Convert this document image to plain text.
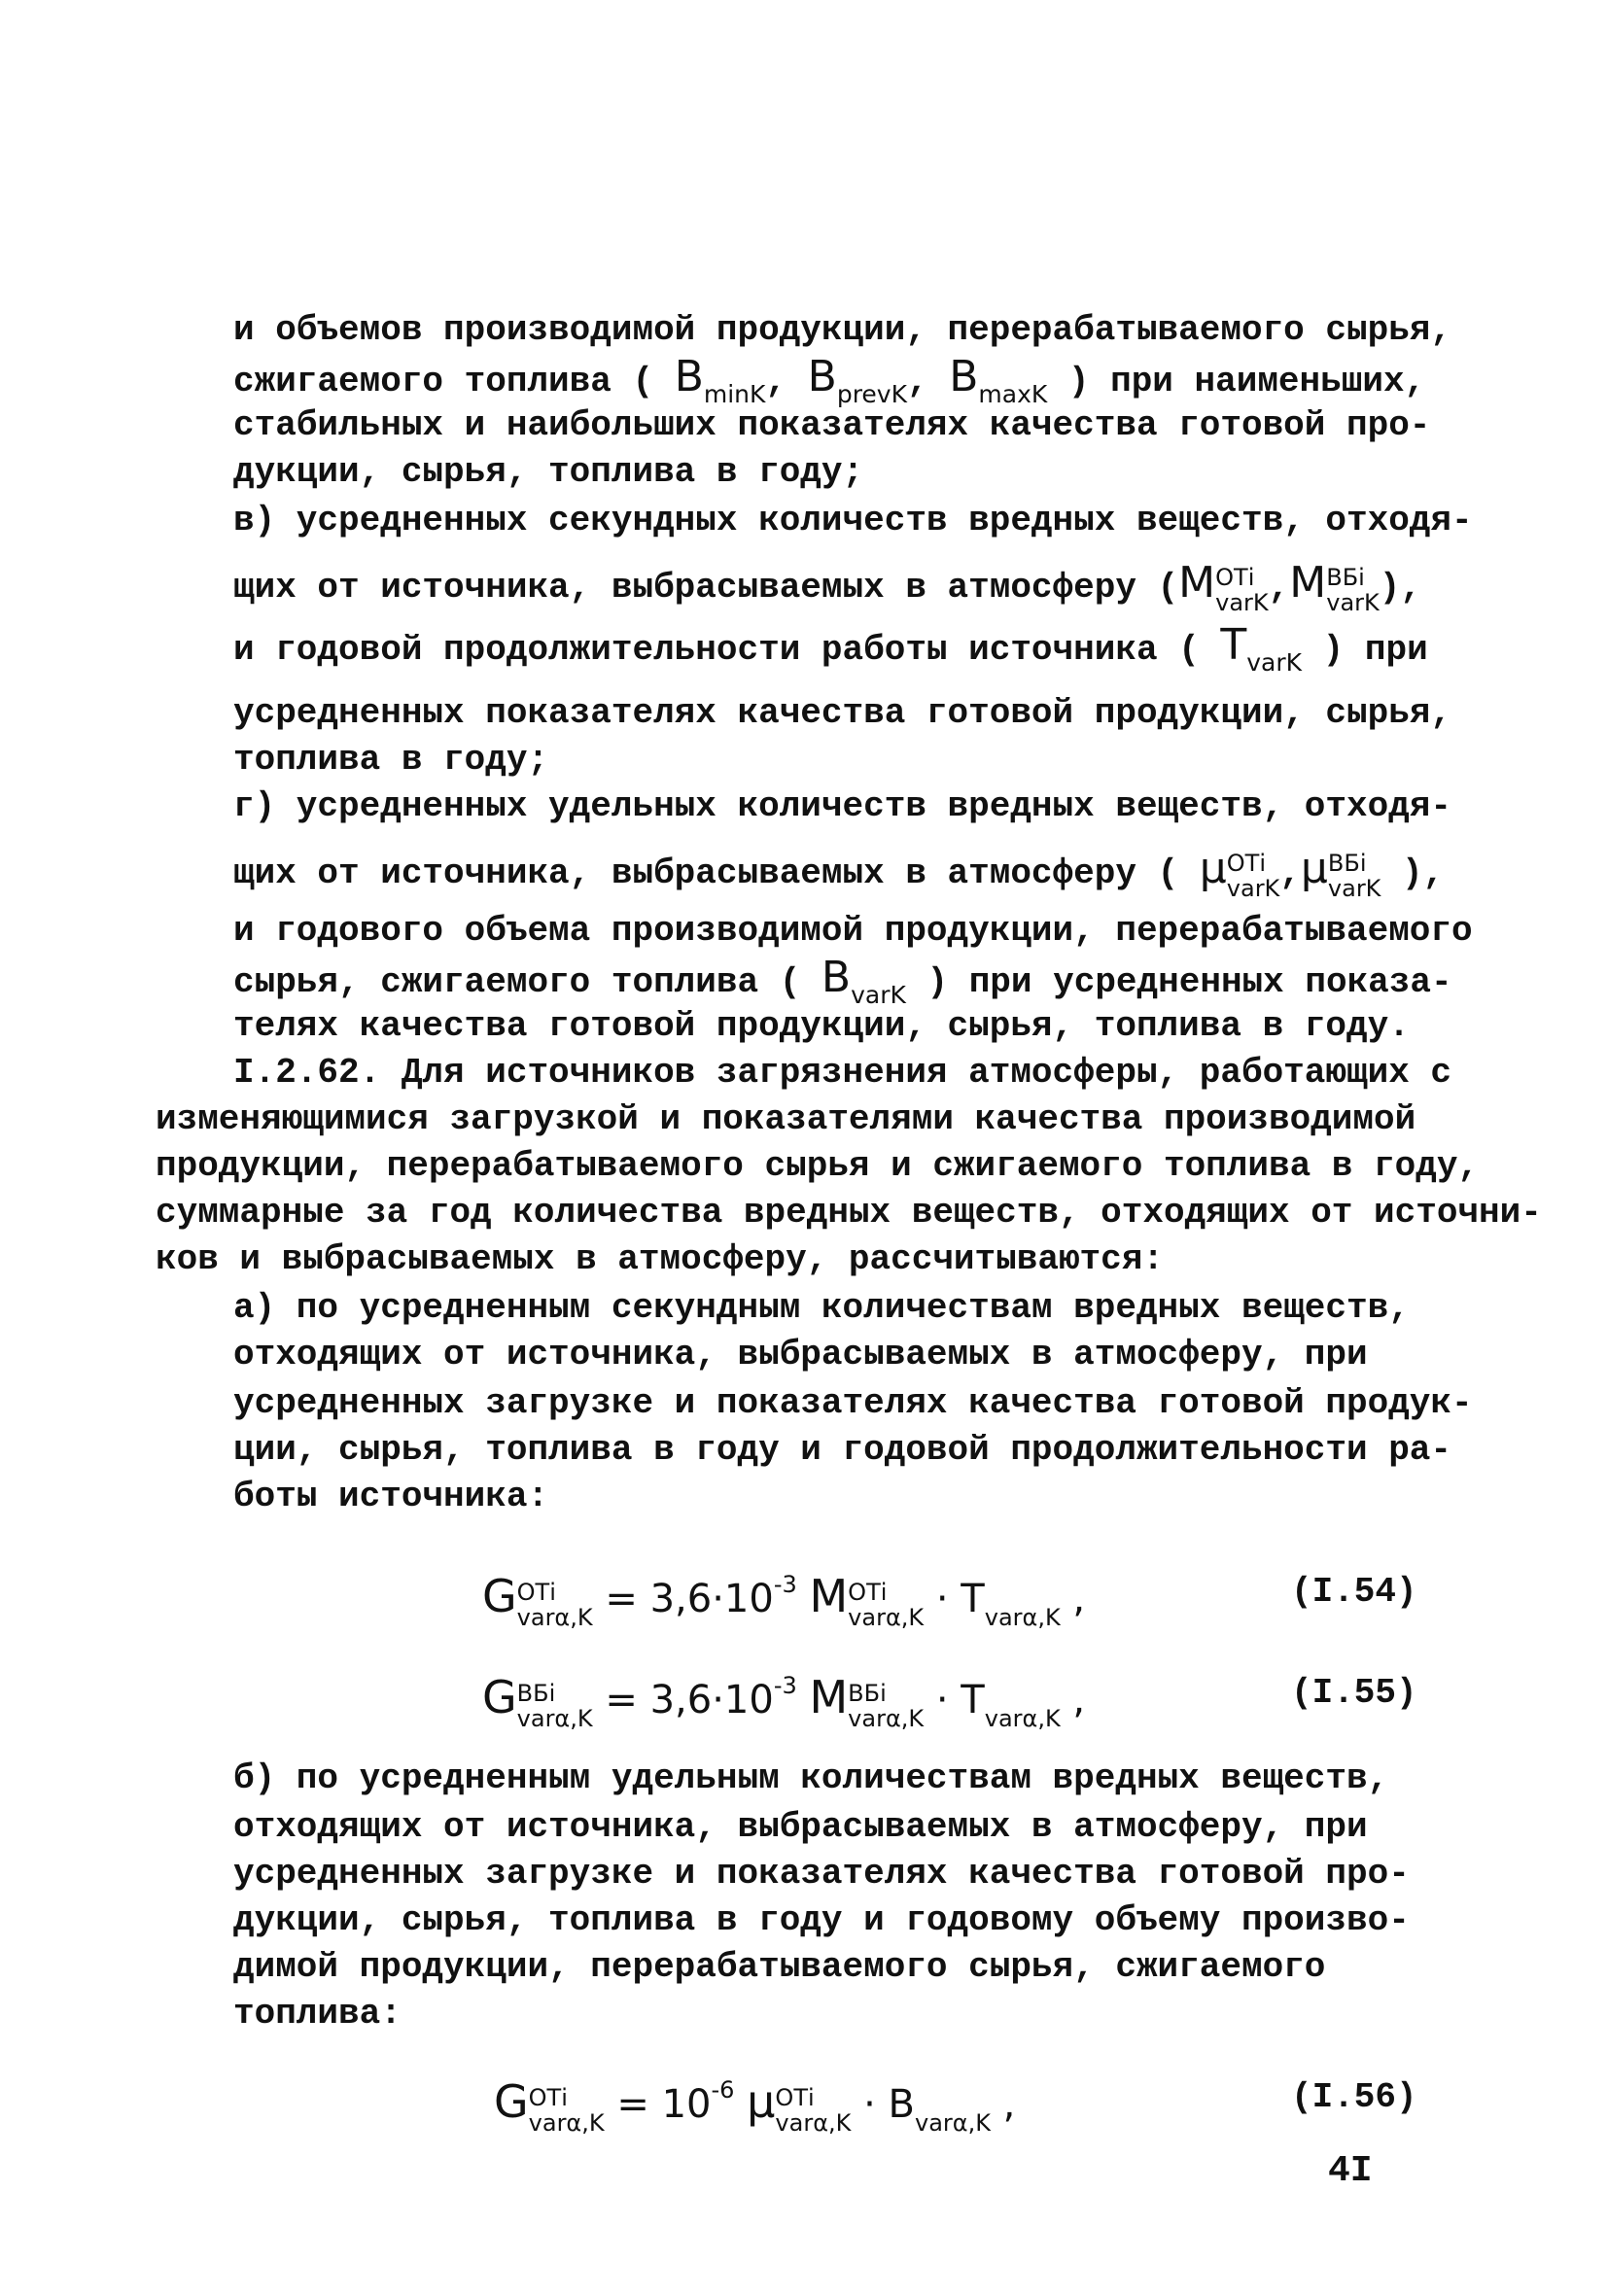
и объемов производимой продукции, перерабатываемого сырья,
сжигаемого топлива ( $B_{minK}$, $B_{prevK}$, $B_{maxK}$ ) при наименьших,
стабильных и наибольших показателях качества готовой про-
дукции, сырья, топлива в году;
в) усредненных секундных количеств вредных веществ, отходя-
щих от источника, выбрасываемых в атмосферу (M ОТi
varK ,M ВБi
varK ),
и годовой продолжительности работы источника ( $T_{varK}$ ) при
усредненных показателях качества готовой продукции, сырья,
топлива в году;
г) усредненных удельных количеств вредных веществ, отходя-
щих от источника, выбрасываемых в атмосферу ( μ ОТi
varK ,μ ВБi
varK ),
и годового объема производимой продукции, перерабатываемого
сырья, сжигаемого топлива ( $B_{varK}$ ) при усредненных показа-
телях качества готовой продукции, сырья, топлива в году.
I.2.62. Для источников загрязнения атмосферы, работающих с
изменяющимися загрузкой и показателями качества производимой
продукции, перерабатываемого сырья и сжигаемого топлива в году,
суммарные за год количества вредных веществ, отходящих от источни-
ков и выбрасываемых в атмосферу, рассчитываются:
а) по усредненным секундным количествам вредных веществ,
отходящих от источника, выбрасываемых в атмосферу, при
усредненных загрузке и показателях качества готовой продук-
ции, сырья, топлива в году и годовой продолжительности ра-
боты источника:
G ОТi
$var\alpha,K = 3,6\cdot 10^{-3}$ M ОТi
varα,K · T
varα,K ,	(I.54)
G ВБi
$var\alpha,K = 3,6\cdot 10^{-3}$ M ВБi
varα,K · T
varα,K ,	(I.55)
б) по усредненным удельным количествам вредных веществ,
отходящих от источника, выбрасываемых в атмосферу, при
усредненных загрузке и показателях качества готовой про-
дукции, сырья, топлива в году и годовому объему произво-
димой продукции, перерабатываемого сырья, сжигаемого
топлива:
G ОТi
$var\alpha,K = 10^{-6}$ μ ОТi
varα,K · B
varα,K ,	(I.56)
4I
